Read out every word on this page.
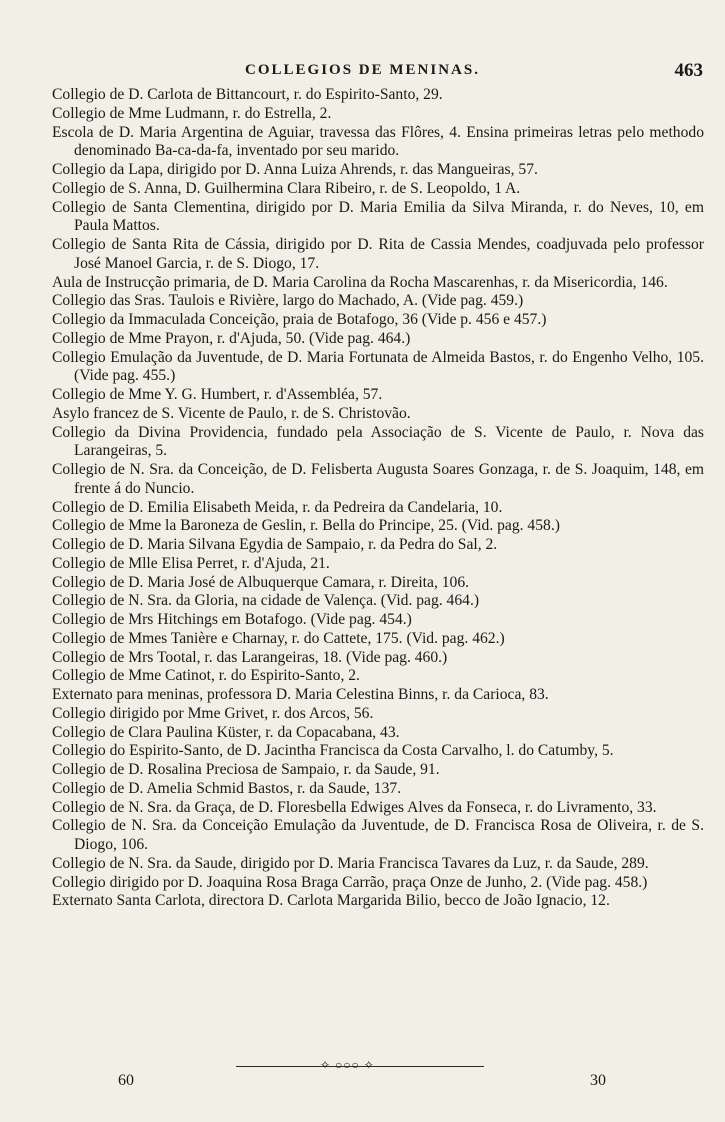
COLLEGIOS DE MENINAS.	463
Collegio de D. Carlota de Bittancourt, r. do Espirito-Santo, 29.
Collegio de Mme Ludmann, r. do Estrella, 2.
Escola de D. Maria Argentina de Aguiar, travessa das Flôres, 4. Ensina primeiras letras pelo methodo denominado Ba-ca-da-fa, inventado por seu marido.
Collegio da Lapa, dirigido por D. Anna Luiza Ahrends, r. das Mangueiras, 57.
Collegio de S. Anna, D. Guilhermina Clara Ribeiro, r. de S. Leopoldo, 1 A.
Collegio de Santa Clementina, dirigido por D. Maria Emilia da Silva Miranda, r. do Neves, 10, em Paula Mattos.
Collegio de Santa Rita de Cássia, dirigido por D. Rita de Cassia Mendes, coadjuvada pelo professor José Manoel Garcia, r. de S. Diogo, 17.
Aula de Instrucção primaria, de D. Maria Carolina da Rocha Mascarenhas, r. da Misericordia, 146.
Collegio das Sras. Taulois e Rivière, largo do Machado, A. (Vide pag. 459.)
Collegio da Immaculada Conceição, praia de Botafogo, 36 (Vide p. 456 e 457.)
Collegio de Mme Prayon, r. d'Ajuda, 50. (Vide pag. 464.)
Collegio Emulação da Juventude, de D. Maria Fortunata de Almeida Bastos, r. do Engenho Velho, 105. (Vide pag. 455.)
Collegio de Mme Y. G. Humbert, r. d'Assembléa, 57.
Asylo francez de S. Vicente de Paulo, r. de S. Christovão.
Collegio da Divina Providencia, fundado pela Associação de S. Vicente de Paulo, r. Nova das Larangeiras, 5.
Collegio de N. Sra. da Conceição, de D. Felisberta Augusta Soares Gonzaga, r. de S. Joaquim, 148, em frente á do Nuncio.
Collegio de D. Emilia Elisabeth Meida, r. da Pedreira da Candelaria, 10.
Collegio de Mme la Baroneza de Geslin, r. Bella do Principe, 25. (Vid. pag. 458.)
Collegio de D. Maria Silvana Egydia de Sampaio, r. da Pedra do Sal, 2.
Collegio de Mlle Elisa Perret, r. d'Ajuda, 21.
Collegio de D. Maria José de Albuquerque Camara, r. Direita, 106.
Collegio de N. Sra. da Gloria, na cidade de Valença. (Vid. pag. 464.)
Collegio de Mrs Hitchings em Botafogo. (Vide pag. 454.)
Collegio de Mmes Tanière e Charnay, r. do Cattete, 175. (Vid. pag. 462.)
Collegio de Mrs Tootal, r. das Larangeiras, 18. (Vide pag. 460.)
Collegio de Mme Catinot, r. do Espirito-Santo, 2.
Externato para meninas, professora D. Maria Celestina Binns, r. da Carioca, 83.
Collegio dirigido por Mme Grivet, r. dos Arcos, 56.
Collegio de Clara Paulina Küster, r. da Copacabana, 43.
Collegio do Espirito-Santo, de D. Jacintha Francisca da Costa Carvalho, l. do Catumby, 5.
Collegio de D. Rosalina Preciosa de Sampaio, r. da Saude, 91.
Collegio de D. Amelia Schmid Bastos, r. da Saude, 137.
Collegio de N. Sra. da Graça, de D. Floresbella Edwiges Alves da Fonseca, r. do Livramento, 33.
Collegio de N. Sra. da Conceição Emulação da Juventude, de D. Francisca Rosa de Oliveira, r. de S. Diogo, 106.
Collegio de N. Sra. da Saude, dirigido por D. Maria Francisca Tavares da Luz, r. da Saude, 289.
Collegio dirigido por D. Joaquina Rosa Braga Carrão, praça Onze de Junho, 2. (Vide pag. 458.)
Externato Santa Carlota, directora D. Carlota Margarida Bilio, becco de João Ignacio, 12.
✧ ○○○ ✧
60	30
